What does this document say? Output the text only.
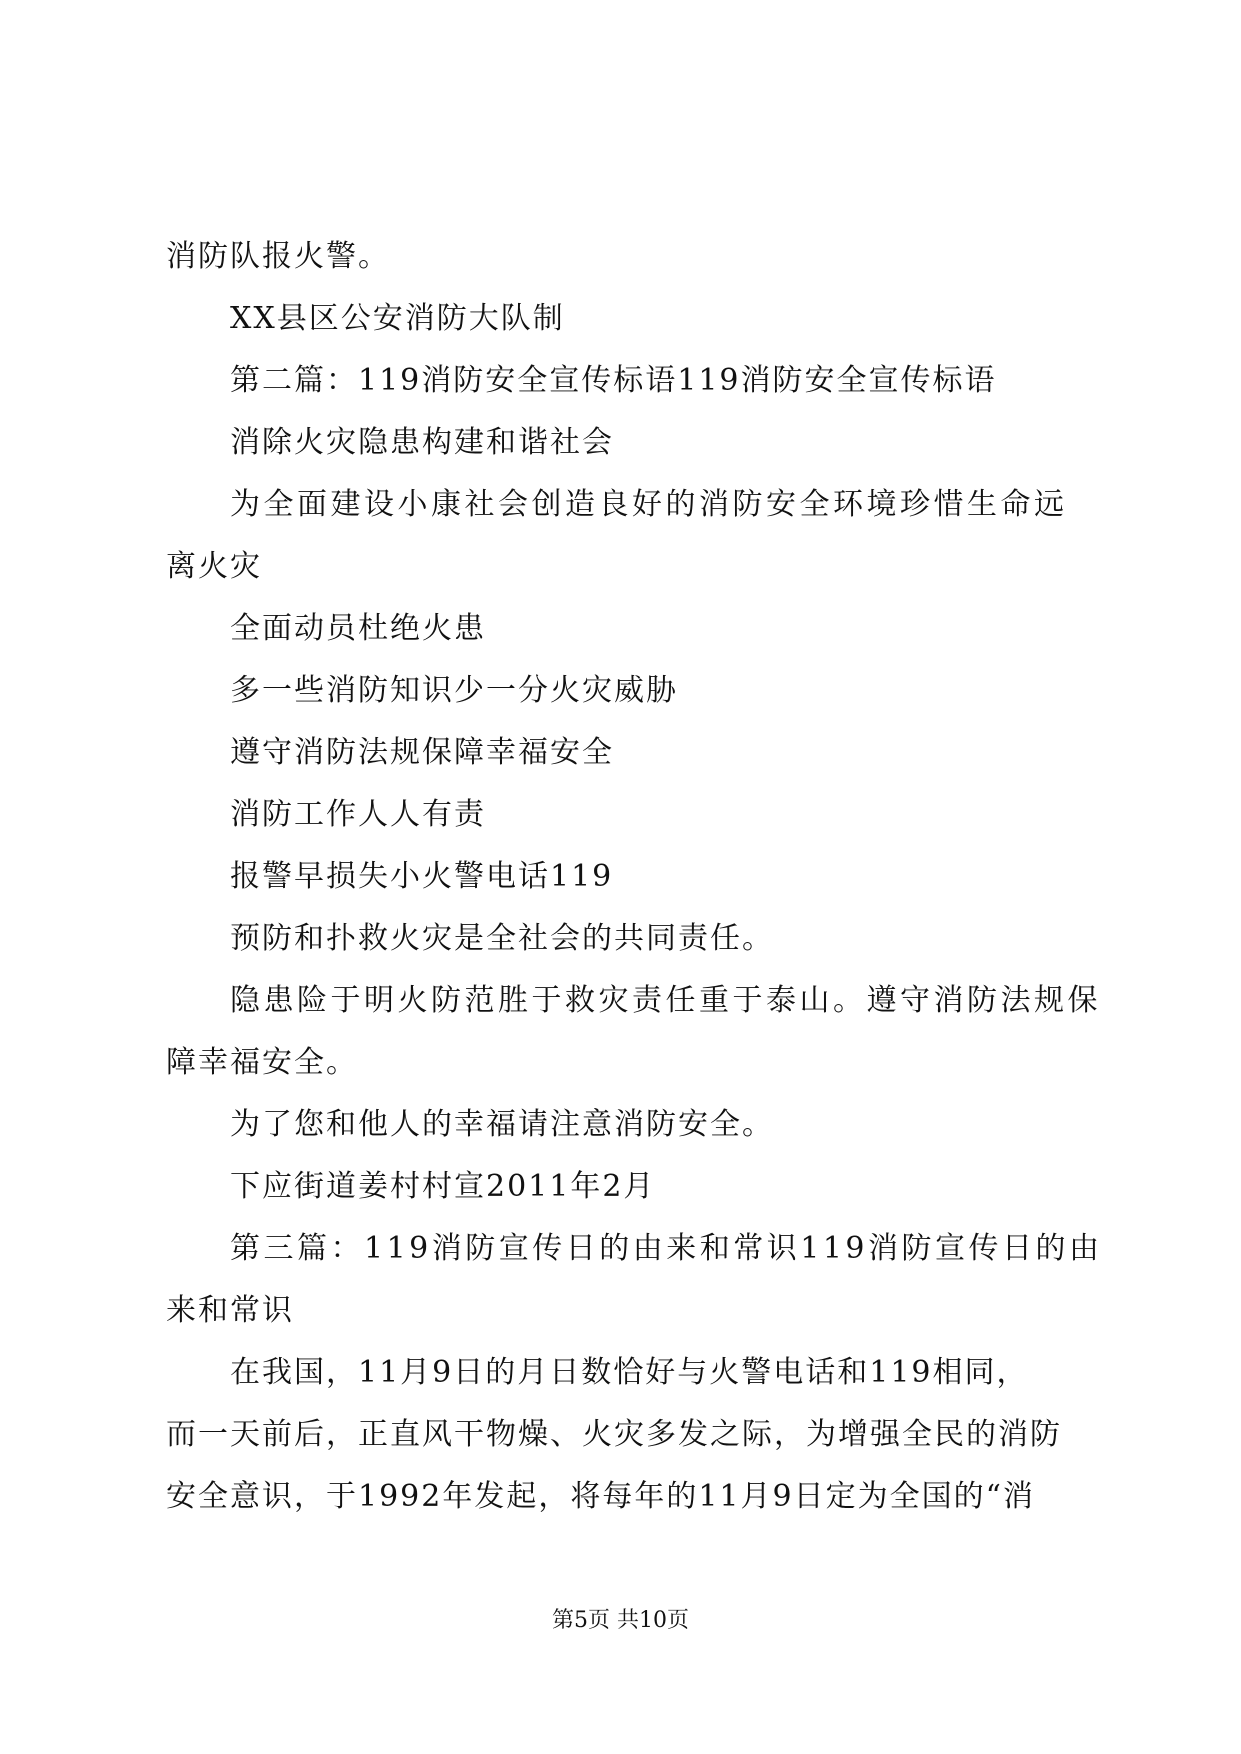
消防队报火警。
XX县区公安消防大队制
第二篇：119消防安全宣传标语119消防安全宣传标语
消除火灾隐患构建和谐社会
为全面建设小康社会创造良好的消防安全环境珍惜生命远
离火灾
全面动员杜绝火患
多一些消防知识少一分火灾威胁
遵守消防法规保障幸福安全
消防工作人人有责
报警早损失小火警电话119
预防和扑救火灾是全社会的共同责任。
隐患险于明火防范胜于救灾责任重于泰山。遵守消防法规保
障幸福安全。
为了您和他人的幸福请注意消防安全。
下应街道姜村村宣2011年2月
第三篇：119消防宣传日的由来和常识119消防宣传日的由
来和常识
在我国，11月9日的月日数恰好与火警电话和119相同，
而一天前后，正直风干物燥、火灾多发之际，为增强全民的消防
安全意识，于1992年发起，将每年的11月9日定为全国的“消
第5页 共10页
